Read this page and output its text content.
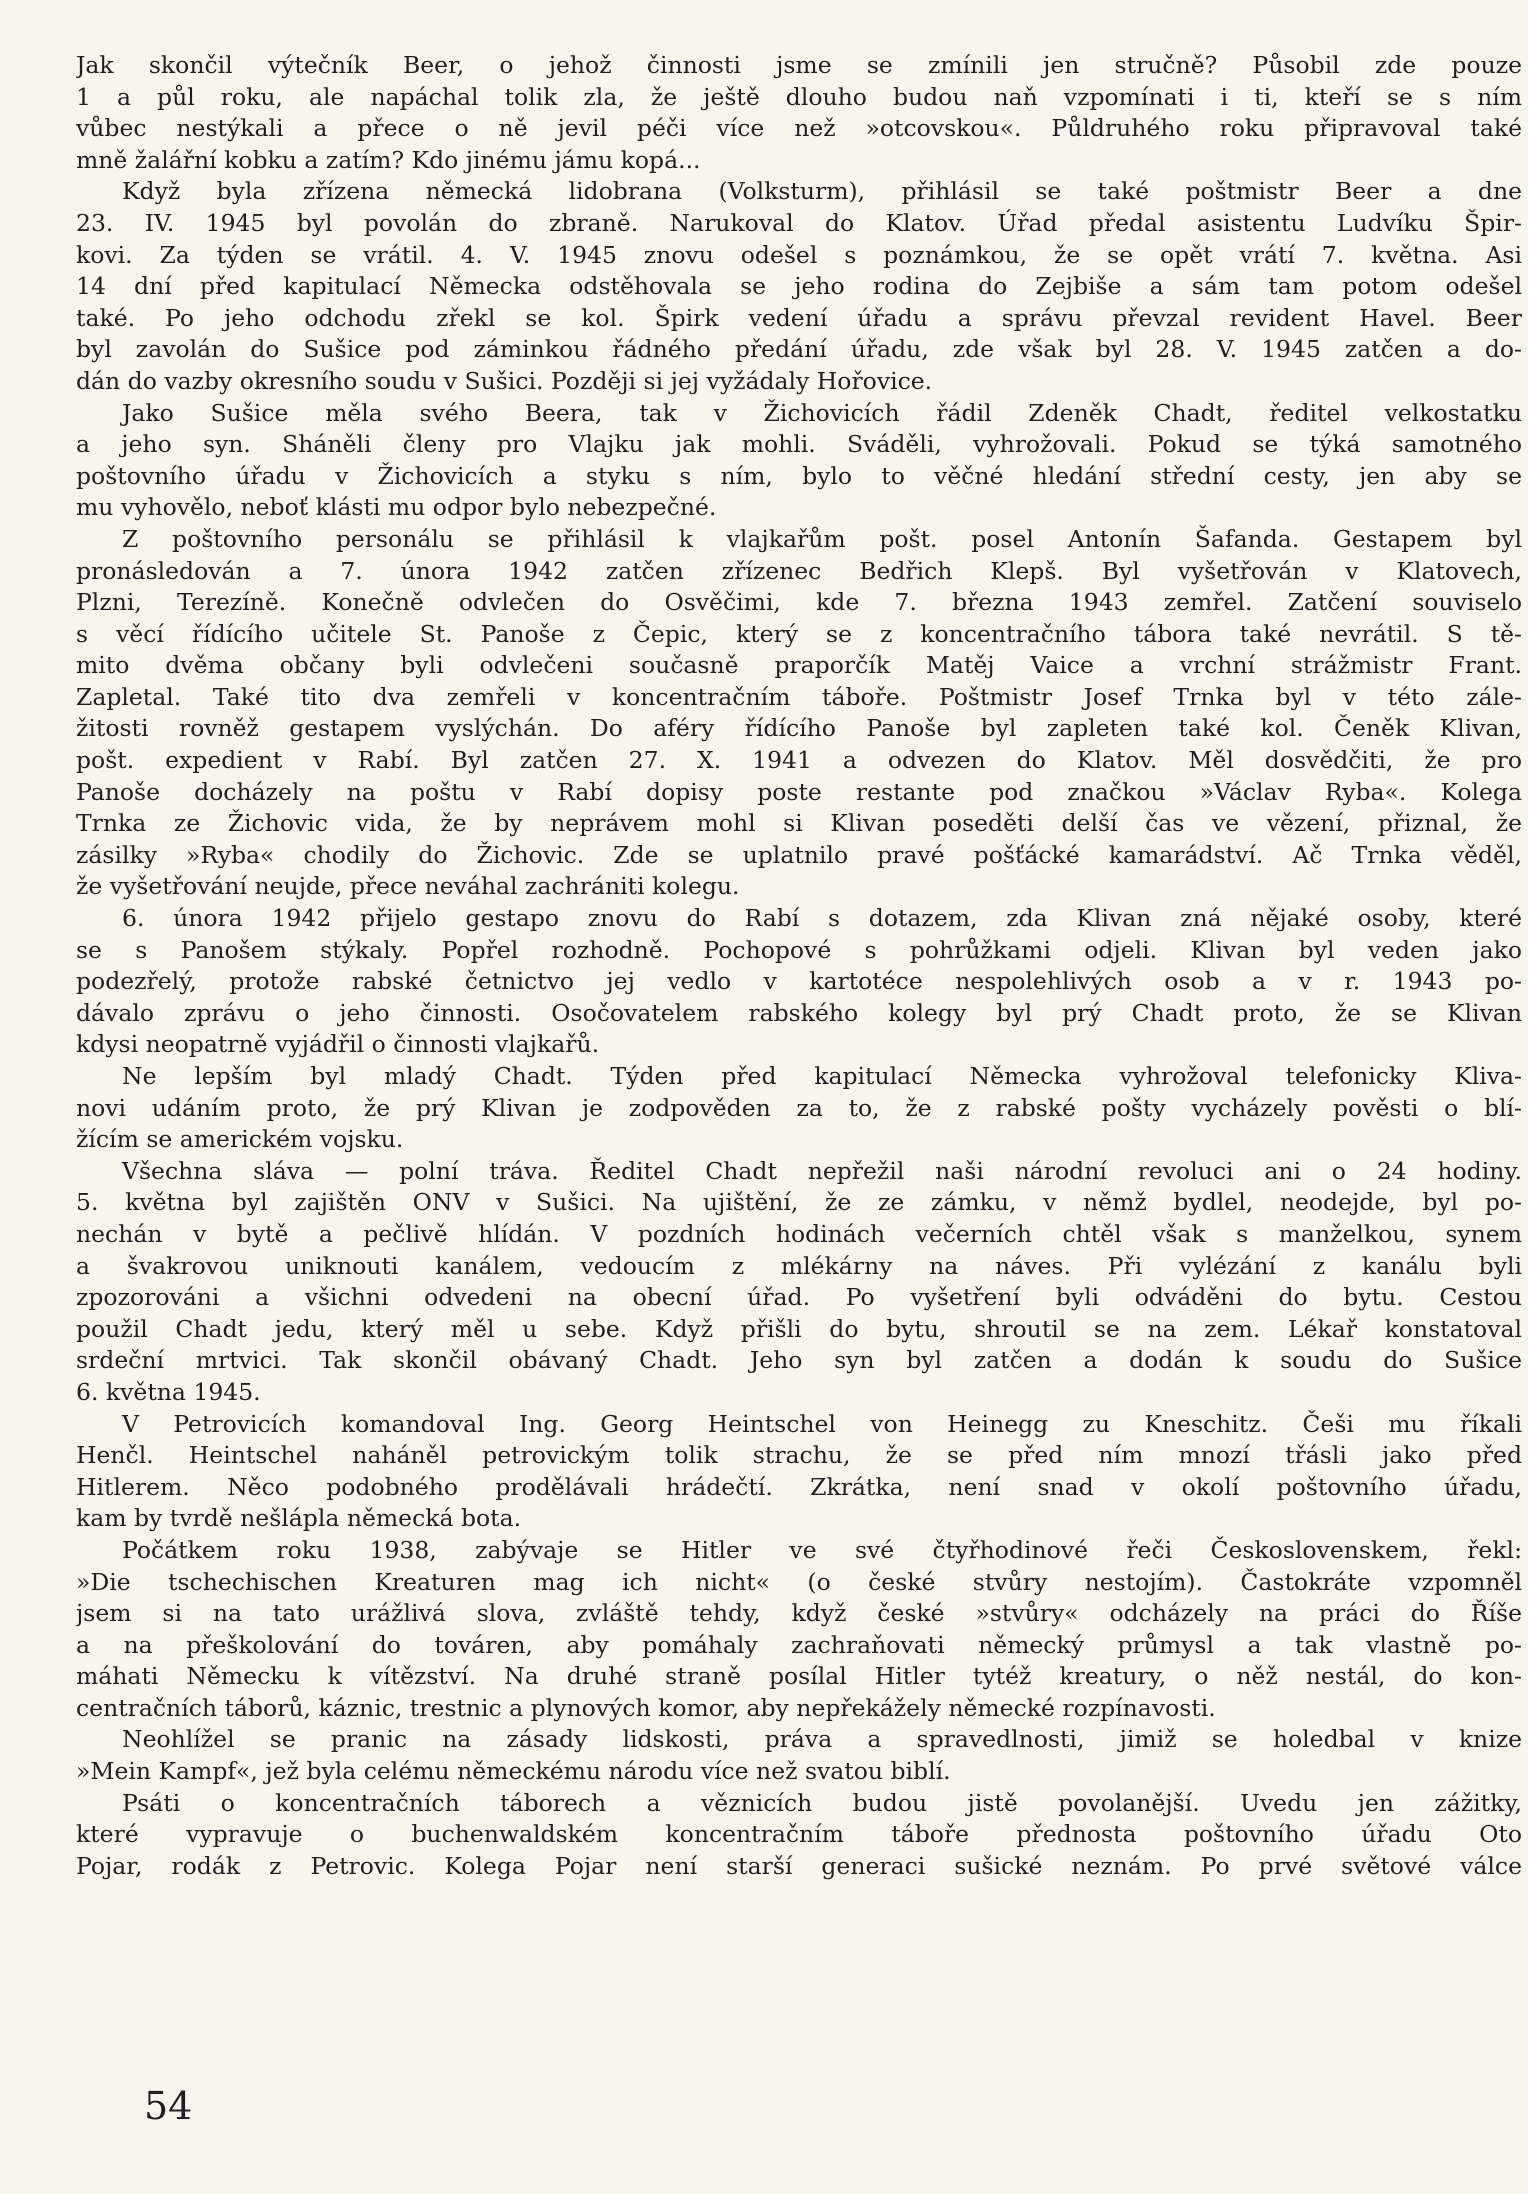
Jak skončil výtečník Beer, o jehož činnosti jsme se zmínili jen stručně? Působil zde pouze
1 a půl roku, ale napáchal tolik zla, že ještě dlouho budou naň vzpomínati i ti, kteří se s ním
vůbec nestýkali a přece o ně jevil péči více než »otcovskou«. Půldruhého roku připravoval také
mně žalářní kobku a zatím? Kdo jinému jámu kopá...
Když byla zřízena německá lidobrana (Volksturm), přihlásil se také poštmistr Beer a dne
23. IV. 1945 byl povolán do zbraně. Narukoval do Klatov. Úřad předal asistentu Ludvíku Špir-
kovi. Za týden se vrátil. 4. V. 1945 znovu odešel s poznámkou, že se opět vrátí 7. května. Asi
14 dní před kapitulací Německa odstěhovala se jeho rodina do Zejbiše a sám tam potom odešel
také. Po jeho odchodu zřekl se kol. Špirk vedení úřadu a správu převzal revident Havel. Beer
byl zavolán do Sušice pod záminkou řádného předání úřadu, zde však byl 28. V. 1945 zatčen a do-
dán do vazby okresního soudu v Sušici. Později si jej vyžádaly Hořovice.
Jako Sušice měla svého Beera, tak v Žichovicích řádil Zdeněk Chadt, ředitel velkostatku
a jeho syn. Sháněli členy pro Vlajku jak mohli. Sváděli, vyhrožovali. Pokud se týká samotného
poštovního úřadu v Žichovicích a styku s ním, bylo to věčné hledání střední cesty, jen aby se
mu vyhovělo, neboť klásti mu odpor bylo nebezpečné.
Z poštovního personálu se přihlásil k vlajkařům pošt. posel Antonín Šafanda. Gestapem byl
pronásledován a 7. února 1942 zatčen zřízenec Bedřich Klepš. Byl vyšetřován v Klatovech,
Plzni, Terezíně. Konečně odvlečen do Osvěčimi, kde 7. března 1943 zemřel. Zatčení souviselo
s věcí řídícího učitele St. Panoše z Čepic, který se z koncentračního tábora také nevrátil. S tě-
mito dvěma občany byli odvlečeni současně praporčík Matěj Vaice a vrchní strážmistr Frant.
Zapletal. Také tito dva zemřeli v koncentračním táboře. Poštmistr Josef Trnka byl v této zále-
žitosti rovněž gestapem vyslýchán. Do aféry řídícího Panoše byl zapleten také kol. Čeněk Klivan,
pošt. expedient v Rabí. Byl zatčen 27. X. 1941 a odvezen do Klatov. Měl dosvědčiti, že pro
Panoše docházely na poštu v Rabí dopisy poste restante pod značkou »Václav Ryba«. Kolega
Trnka ze Žichovic vida, že by neprávem mohl si Klivan poseděti delší čas ve vězení, přiznal, že
zásilky »Ryba« chodily do Žichovic. Zde se uplatnilo pravé pošťácké kamarádství. Ač Trnka věděl,
že vyšetřování neujde, přece neváhal zachrániti kolegu.
6. února 1942 přijelo gestapo znovu do Rabí s dotazem, zda Klivan zná nějaké osoby, které
se s Panošem stýkaly. Popřel rozhodně. Pochopové s pohrůžkami odjeli. Klivan byl veden jako
podezřelý, protože rabské četnictvo jej vedlo v kartotéce nespolehlivých osob a v r. 1943 po-
dávalo zprávu o jeho činnosti. Osočovatelem rabského kolegy byl prý Chadt proto, že se Klivan
kdysi neopatrně vyjádřil o činnosti vlajkařů.
Ne lepším byl mladý Chadt. Týden před kapitulací Německa vyhrožoval telefonicky Kliva-
novi udáním proto, že prý Klivan je zodpověden za to, že z rabské pošty vycházely pověsti o blí-
žícím se americkém vojsku.
Všechna sláva — polní tráva. Ředitel Chadt nepřežil naši národní revoluci ani o 24 hodiny.
5. května byl zajištěn ONV v Sušici. Na ujištění, že ze zámku, v němž bydlel, neodejde, byl po-
nechán v bytě a pečlivě hlídán. V pozdních hodinách večerních chtěl však s manželkou, synem
a švakrovou uniknouti kanálem, vedoucím z mlékárny na náves. Při vylézání z kanálu byli
zpozorováni a všichni odvedeni na obecní úřad. Po vyšetření byli odváděni do bytu. Cestou
použil Chadt jedu, který měl u sebe. Když přišli do bytu, shroutil se na zem. Lékař konstatoval
srdeční mrtvici. Tak skončil obávaný Chadt. Jeho syn byl zatčen a dodán k soudu do Sušice
6. května 1945.
V Petrovicích komandoval Ing. Georg Heintschel von Heinegg zu Kneschitz. Češi mu říkali
Henčl. Heintschel naháněl petrovickým tolik strachu, že se před ním mnozí třásli jako před
Hitlerem. Něco podobného prodělávali hrádečtí. Zkrátka, není snad v okolí poštovního úřadu,
kam by tvrdě nešlápla německá bota.
Počátkem roku 1938, zabývaje se Hitler ve své čtyřhodinové řeči Československem, řekl:
»Die tschechischen Kreaturen mag ich nicht« (o české stvůry nestojím). Častokráte vzpomněl
jsem si na tato urážlivá slova, zvláště tehdy, když české »stvůry« odcházely na práci do Říše
a na přeškolování do továren, aby pomáhaly zachraňovati německý průmysl a tak vlastně po-
máhati Německu k vítězství. Na druhé straně posílal Hitler tytéž kreatury, o něž nestál, do kon-
centračních táborů, káznic, trestnic a plynových komor, aby nepřekážely německé rozpínavosti.
Neohlížel se pranic na zásady lidskosti, práva a spravedlnosti, jimiž se holedbal v knize
»Mein Kampf«, jež byla celému německému národu více než svatou biblí.
Psáti o koncentračních táborech a věznicích budou jistě povolanější. Uvedu jen zážitky,
které vypravuje o buchenwaldském koncentračním táboře přednosta poštovního úřadu Oto
Pojar, rodák z Petrovic. Kolega Pojar není starší generaci sušické neznám. Po prvé světové válce
54
